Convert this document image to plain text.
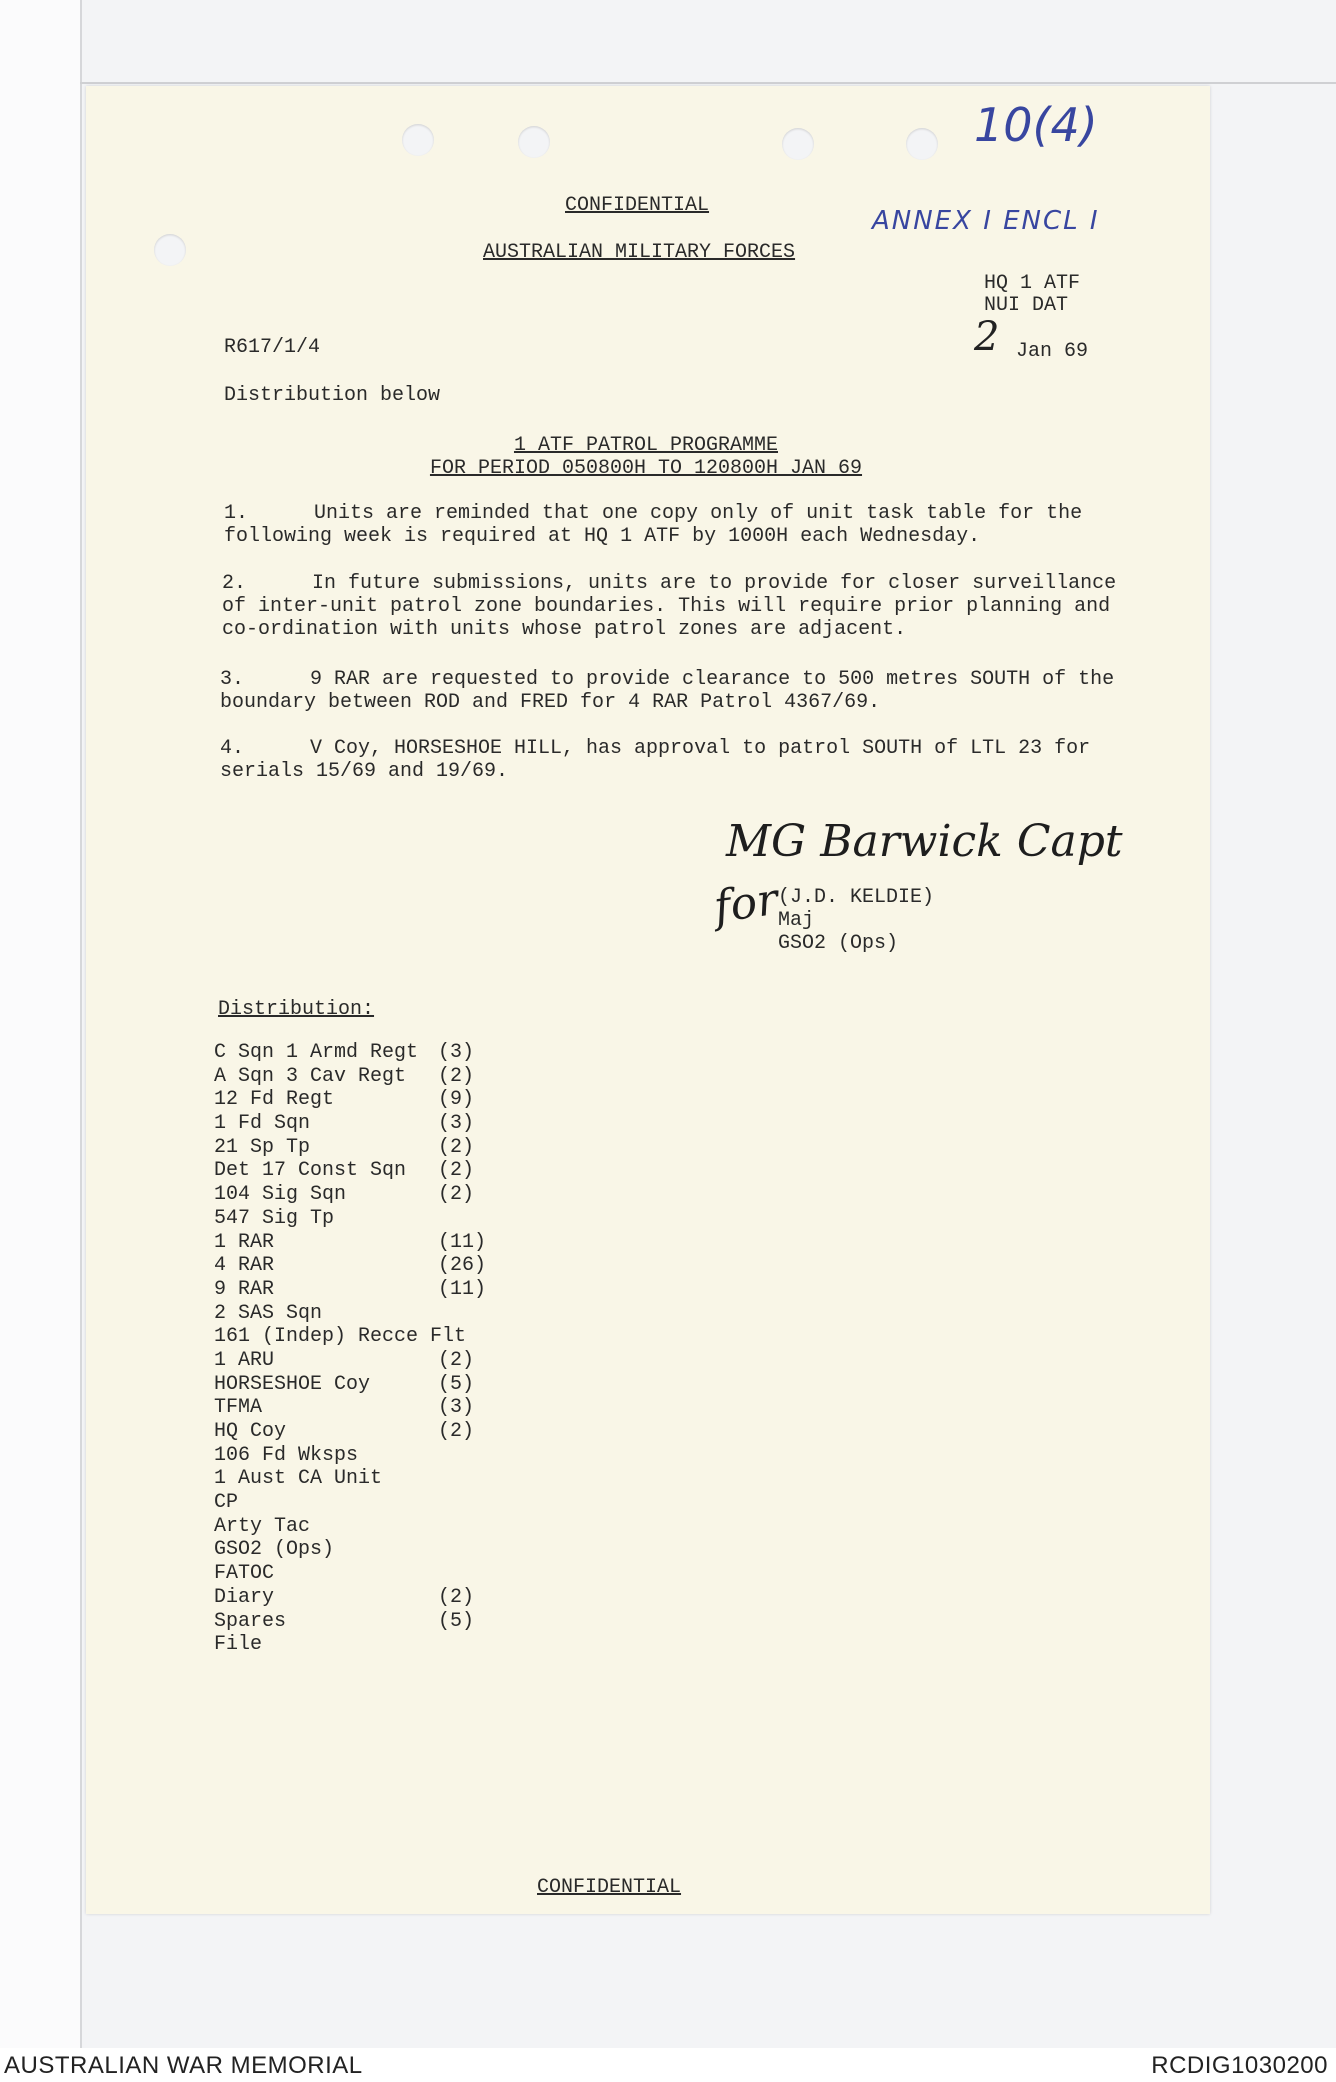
10(4)
ANNEX I ENCL I
CONFIDENTIAL
AUSTRALIAN MILITARY FORCES
HQ 1 ATF
NUI DAT
2 Jan 69
R617/1/4
Distribution below
1 ATF PATROL PROGRAMME
FOR PERIOD 050800H TO 120800H JAN 69
1.	Units are reminded that one copy only of unit task table for the
following week is required at HQ 1 ATF by 1000H each Wednesday.
2.	In future submissions, units are to provide for closer surveillance
of inter-unit patrol zone boundaries. This will require prior planning and
co-ordination with units whose patrol zones are adjacent.
3.	9 RAR are requested to provide clearance to 500 metres SOUTH of the
boundary between ROD and FRED for 4 RAR Patrol 4367/69.
4.	V Coy, HORSESHOE HILL, has approval to patrol SOUTH of LTL 23 for
serials 15/69 and 19/69.
MG Barwick Capt
for
(J.D. KELDIE)
Maj
GSO2 (Ops)
Distribution:
C Sqn 1 Armd Regt (3)
A Sqn 3 Cav Regt (2)
12 Fd Regt	(9)
1 Fd Sqn	(3)
21 Sp Tp	(2)
Det 17 Const Sqn (2)
104 Sig Sqn	(2)
547 Sig Tp
1 RAR	(11)
4 RAR	(26)
9 RAR	(11)
2 SAS Sqn
161 (Indep) Recce Flt
1 ARU	(2)
HORSESHOE Coy	(5)
TFMA	(3)
HQ Coy	(2)
106 Fd Wksps
1 Aust CA Unit
CP
Arty Tac
GSO2 (Ops)
FATOC
Diary	(2)
Spares	(5)
File
CONFIDENTIAL
AUSTRALIAN WAR MEMORIAL	RCDIG1030200
